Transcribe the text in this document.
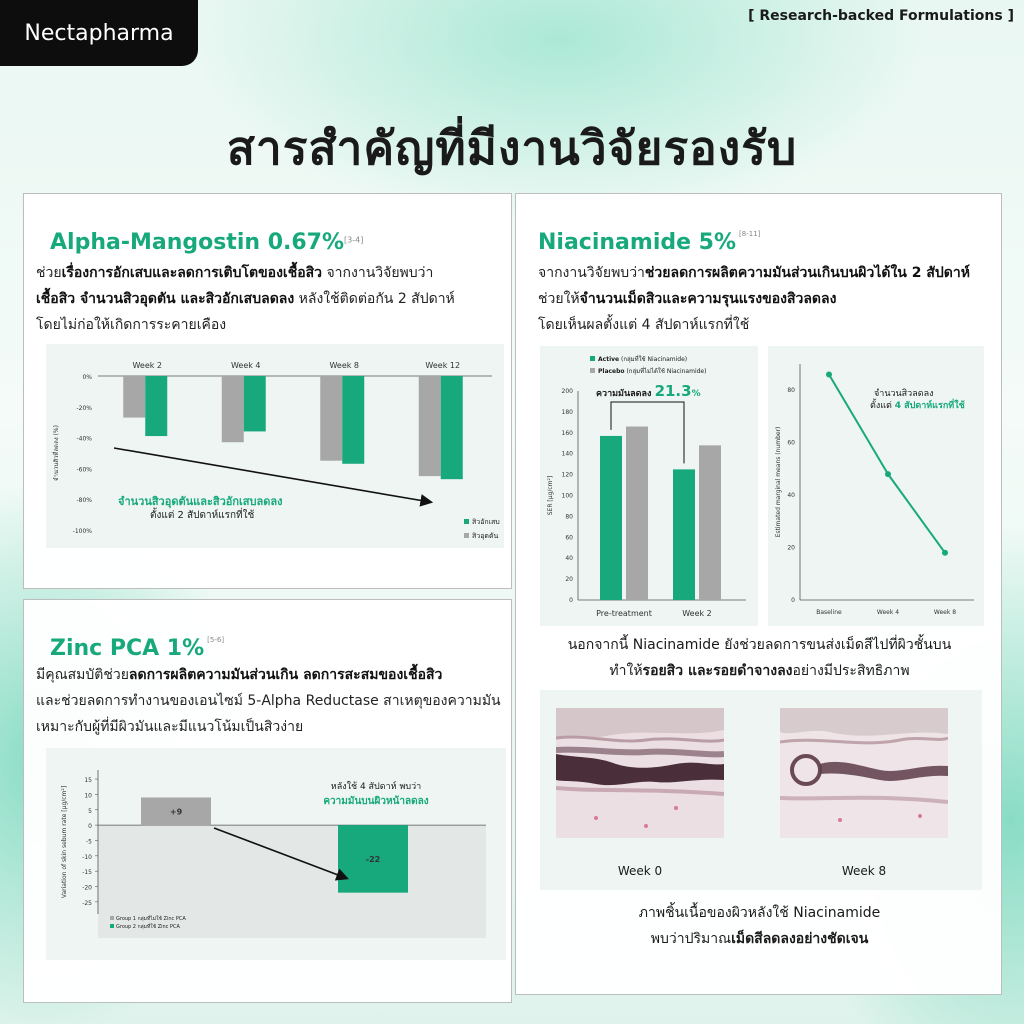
Nectapharma
[ Research-backed Formulations ]
สารสำคัญที่มีงานวิจัยรองรับ
Alpha-Mangostin 0.67%[3-4]
ช่วยเรื่องการอักเสบและลดการเติบโตของเชื้อสิว จากงานวิจัยพบว่า
เชื้อสิว จำนวนสิวอุดตัน และสิวอักเสบลดลง หลังใช้ติดต่อกัน 2 สัปดาห์
โดยไม่ก่อให้เกิดการระคายเคือง
0%
-20%
-40%
-60%
-80%
-100%
จำนวนสิวที่ลดลง (%)
Week 2	Week 4	Week 8	Week 12
จำนวนสิวอุดตันและสิวอักเสบลดลง
ตั้งแต่ 2 สัปดาห์แรกที่ใช้
สิวอักเสบ
สิวอุดตัน
Zinc PCA 1% [5-6]
มีคุณสมบัติช่วยลดการผลิตความมันส่วนเกิน ลดการสะสมของเชื้อสิว
และช่วยลดการทำงานของเอนไซม์ 5-Alpha Reductase สาเหตุของความมัน
เหมาะกับผู้ที่มีผิวมันและมีแนวโน้มเป็นสิวง่าย
15
10
5
0
-5
-10
-15
-20
-25
Variation of skin sebum rate [μg/cm²]	+9
-22
หลังใช้ 4 สัปดาห์ พบว่า
ความมันบนผิวหน้าลดลง
Group 1 กลุ่มที่ไม่ใช้ Zinc PCA
Group 2 กลุ่มที่ใช้ Zinc PCA
Niacinamide 5% [8-11]
จากงานวิจัยพบว่าช่วยลดการผลิตความมันส่วนเกินบนผิวได้ใน 2 สัปดาห์
ช่วยให้จำนวนเม็ดสิวและความรุนแรงของสิวลดลง
โดยเห็นผลตั้งแต่ 4 สัปดาห์แรกที่ใช้
Active (กลุ่มที่ใช้ Niacinamide)
Placebo (กลุ่มที่ไม่ได้ใช้ Niacinamide)
ความมันลดลง 21.3%
200
180
160
140
120
100
80
60
40
20
0
SER [μg/cm²]
Pre-treatment	Week 2
80
60
40
20
0
Estimated marginal means (number)
Baseline	Week 4	Week 8
จำนวนสิวลดลง
ตั้งแต่ 4 สัปดาห์แรกที่ใช้
นอกจากนี้ Niacinamide ยังช่วยลดการขนส่งเม็ดสีไปที่ผิวชั้นบน
ทำให้รอยสิว และรอยดำจางลงอย่างมีประสิทธิภาพ
Week 0	Week 8
ภาพชิ้นเนื้อของผิวหลังใช้ Niacinamide
พบว่าปริมาณเม็ดสีลดลงอย่างชัดเจน
